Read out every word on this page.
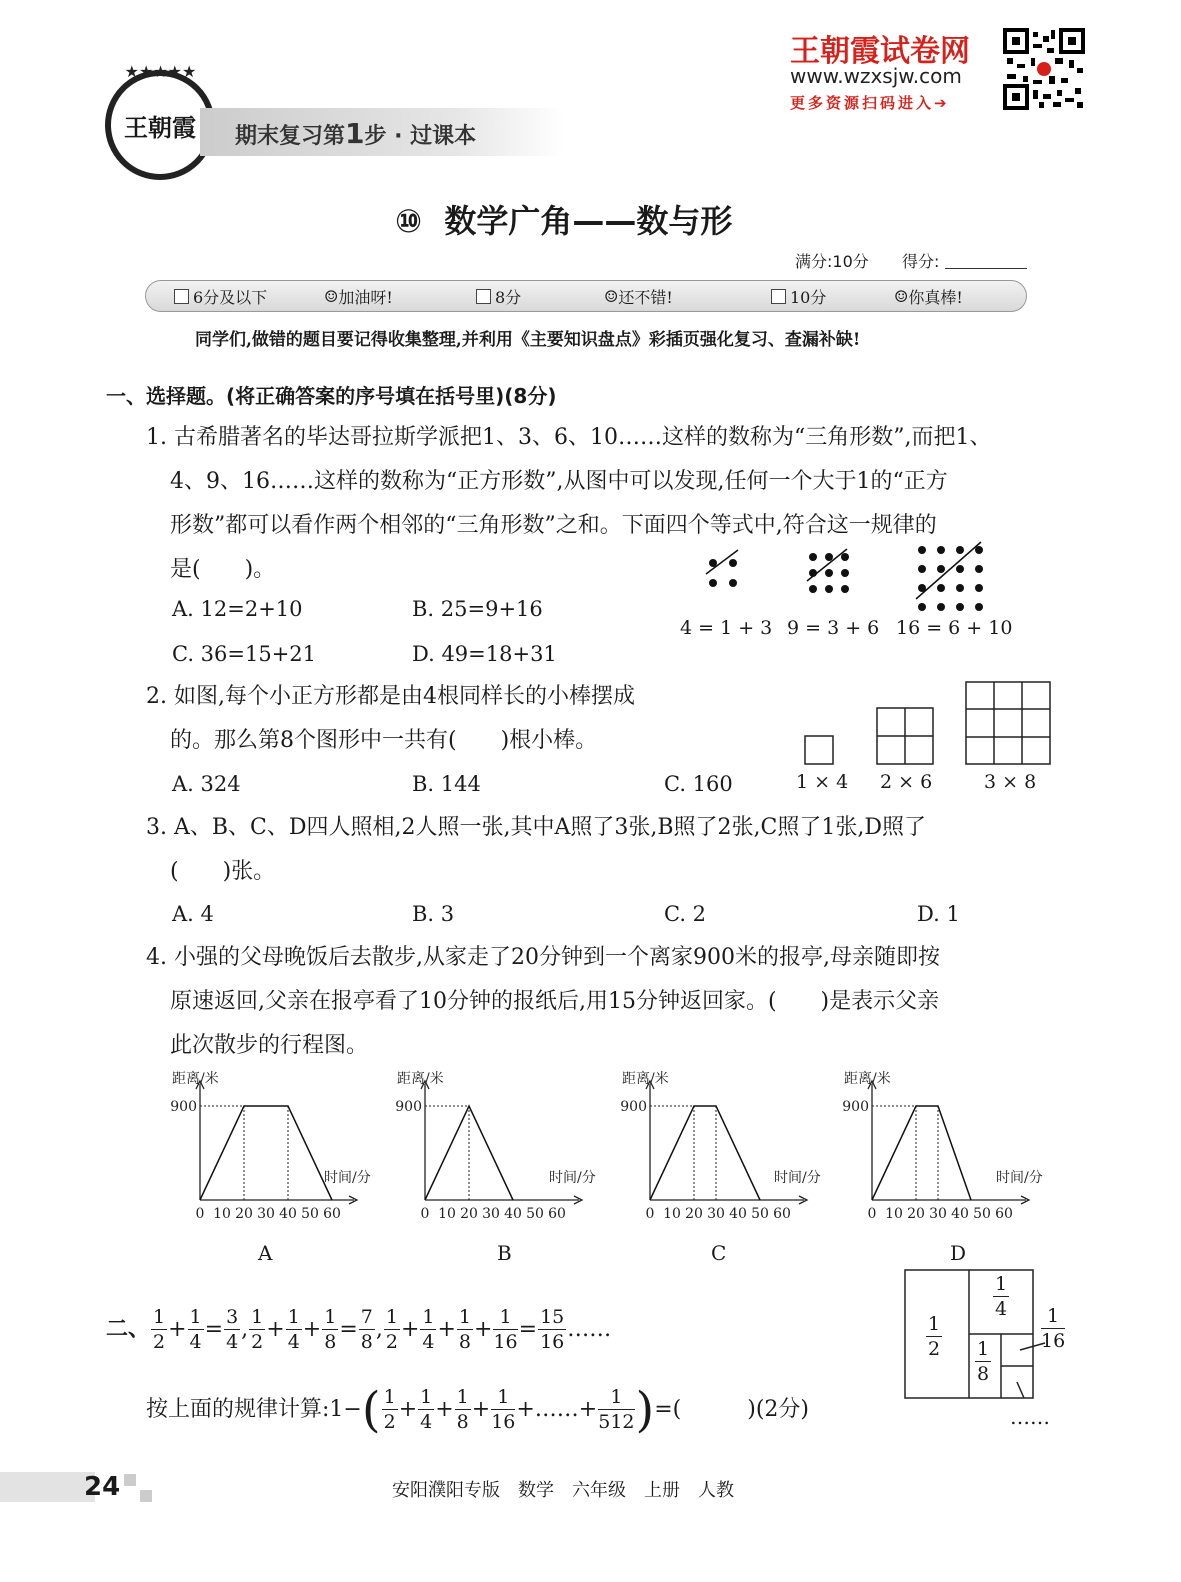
★★★★★
王朝霞	期末复习第1步 · 过课本
王朝霞试卷网
www.wzxsjw.com
更多资源扫码进入➔
⑩ 数学广角——数与形
满分:10分 得分:
6分及以下	☺ 加油呀!	8分	☺ 还不错!	10分	☺ 你真棒!
同学们,做错的题目要记得收集整理,并利用《主要知识盘点》彩插页强化复习、查漏补缺!
一、选择题。(将正确答案的序号填在括号里)(8分)
1. 古希腊著名的毕达哥拉斯学派把1、3、6、10……这样的数称为“三角形数”,而把1、
4、9、16……这样的数称为“正方形数”,从图中可以发现,任何一个大于1的“正方
形数”都可以看作两个相邻的“三角形数”之和。下面四个等式中,符合这一规律的
是(　　)。
A. 12=2+10	B. 25=9+16
C. 36=15+21	D. 49=18+31
4 = 1 + 3 9 = 3 + 6 16 = 6 + 10
2. 如图,每个小正方形都是由4根同样长的小棒摆成
的。那么第8个图形中一共有(　　)根小棒。
A. 324	B. 144	C. 160	1 × 4 2 × 6	3 × 8
3. A、B、C、D四人照相,2人照一张,其中A照了3张,B照了2张,C照了1张,D照了
(　　)张。
A. 4	B. 3	C. 2	D. 1
4. 小强的父母晚饭后去散步,从家走了20分钟到一个离家900米的报亭,母亲随即按
原速返回,父亲在报亭看了10分钟的报纸后,用15分钟返回家。(　　)是表示父亲
此次散步的行程图。
距离/米
时间/分
900
0 10 20 30 40 50 60
距离/米
时间/分
900
0 10 20 30 40 50 60
距离/米
时间/分
900
0 10 20 30 40 50 60
距离/米
时间/分
900
0 10 20 30 40 50 60
A	B	C	D
二、 $\frac{1}{2} + \frac{1}{4} = \frac{3}{4}$ , $\frac{1}{2} + \frac{1}{4} + \frac{1}{8} = \frac{7}{8}$ , $\frac{1}{2} + \frac{1}{4} + \frac{1}{8} + \frac{1}{16} = \frac{15}{16}$ ……
按上面的规律计算:1−( $\frac{1}{2} + \frac{1}{4} + \frac{1}{8} + \frac{1}{16}$ +……+ $\frac{1}{512}$ )=(　　　)(2分)
$\frac{1}{2}$
$\frac{1}{4}$
$\frac{1}{8}$
$\frac{1}{16}$
……
24	安阳濮阳专版　数学　六年级　上册　人教
